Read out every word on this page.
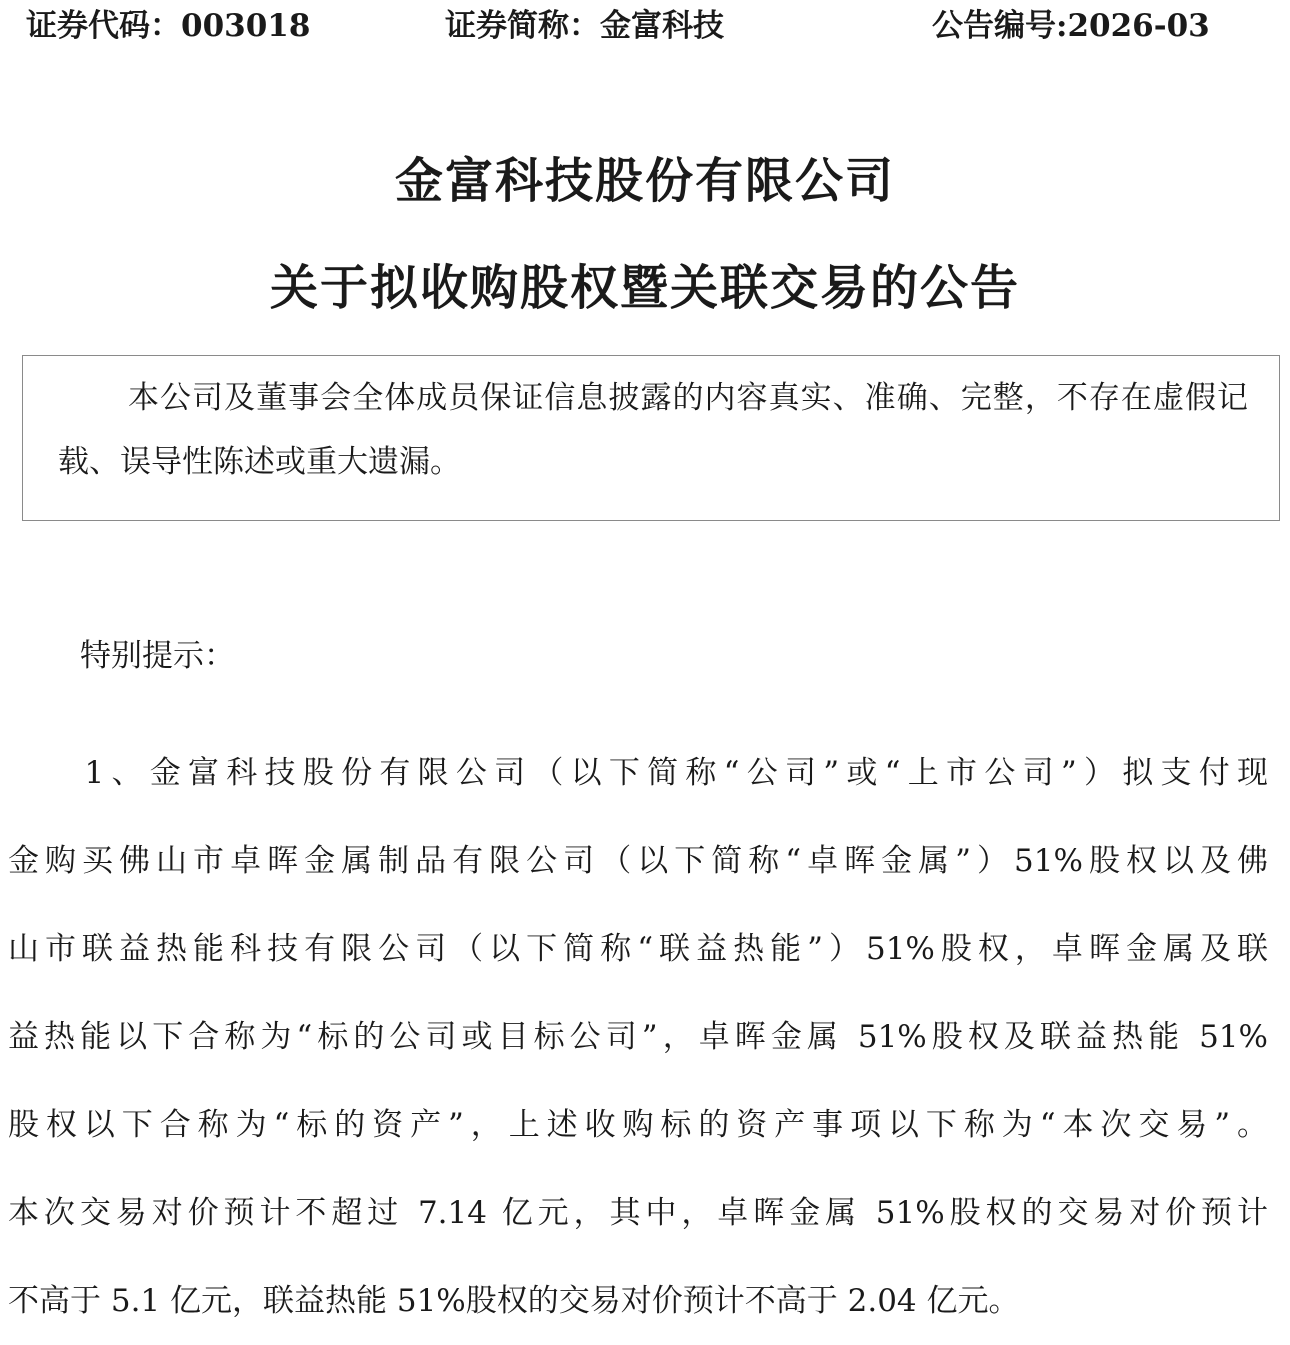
证券代码：003018	证券简称：金富科技	公告编号:2026-03
金富科技股份有限公司
关于拟收购股权暨关联交易的公告

本公司及董事会全体成员保证信息披露的内容真实、准确、完整，不存在虚假记载、误导性陈述或重大遗漏。

特别提示：

　　1、金富科技股份有限公司（以下简称“公司”或“上市公司”）拟支付现

金购买佛山市卓晖金属制品有限公司（以下简称“卓晖金属”）51%股权以及佛

山市联益热能科技有限公司（以下简称“联益热能”）51%股权，卓晖金属及联

益热能以下合称为“标的公司或目标公司”，卓晖金属 51%股权及联益热能 51%

股权以下合称为“标的资产”，上述收购标的资产事项以下称为“本次交易”。

本次交易对价预计不超过 7.14 亿元，其中，卓晖金属 51%股权的交易对价预计

不高于 5.1 亿元，联益热能 51%股权的交易对价预计不高于 2.04 亿元。
